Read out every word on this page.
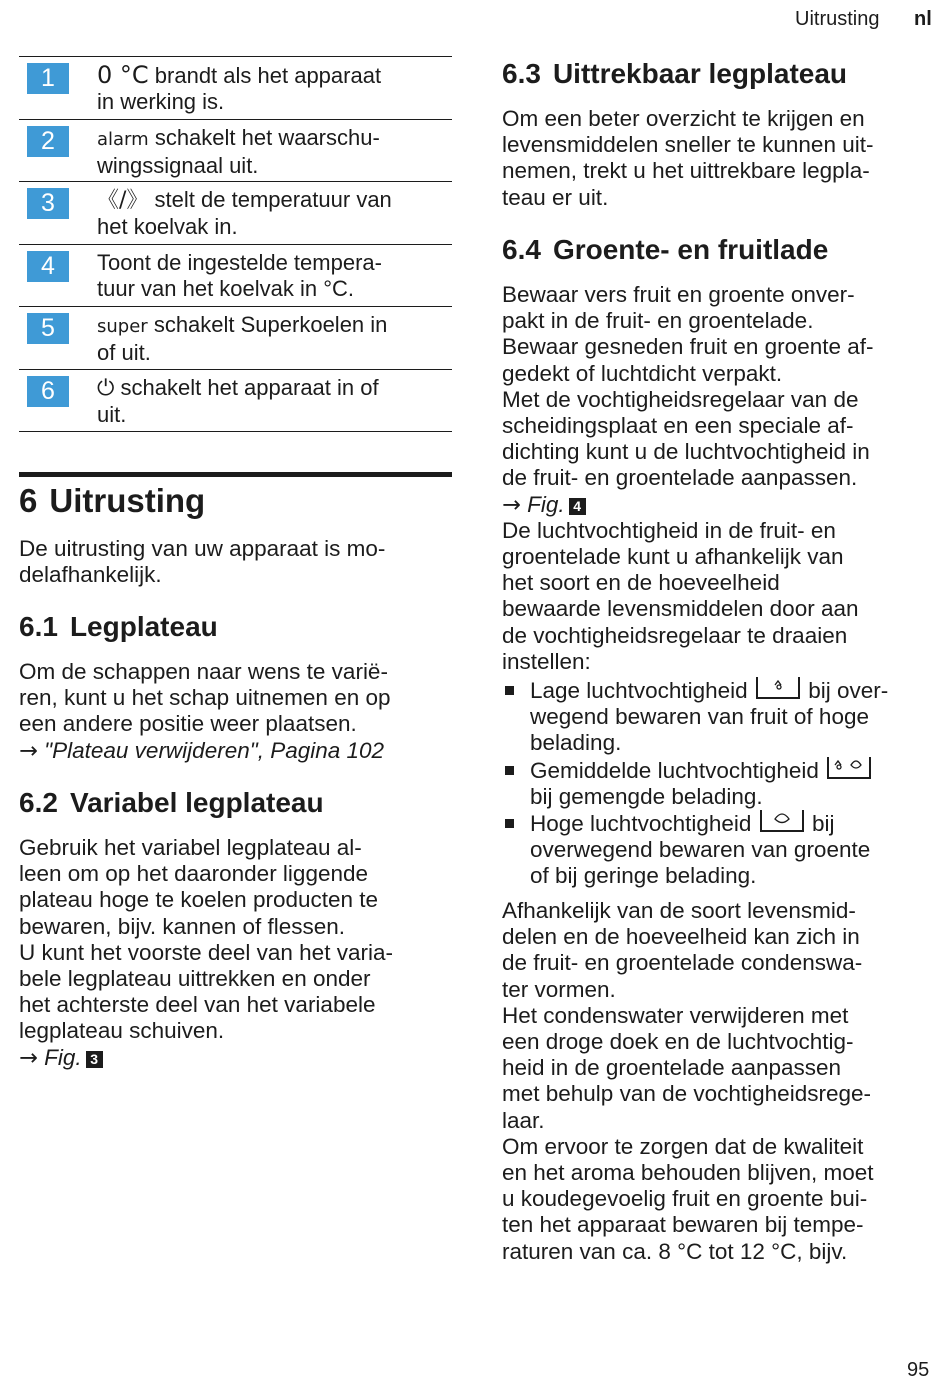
Uitrusting nl
1	0 °C brandt als het apparaat
in werking is.
2	alarm schakelt het waarschu-
wingssignaal uit.
3	《/》 stelt de temperatuur van
het koelvak in.
4	Toont de ingestelde tempera-
tuur van het koelvak in °C.
5	super schakelt Superkoelen in
of uit.
6	⏻ schakelt het apparaat in of
uit.
6 Uitrusting
De uitrusting van uw apparaat is mo-
delafhankelijk.
6.1 Legplateau
Om de schappen naar wens te varië-
ren, kunt u het schap uitnemen en op
een andere positie weer plaatsen.
→ "Plateau verwijderen", Pagina 102
6.2 Variabel legplateau
Gebruik het variabel legplateau al-
leen om op het daaronder liggende
plateau hoge te koelen producten te
bewaren, bijv. kannen of flessen.
U kunt het voorste deel van het varia-
bele legplateau uittrekken en onder
het achterste deel van het variabele
legplateau schuiven.
→ Fig. 3
6.3 Uittrekbaar legplateau
Om een beter overzicht te krijgen en
levensmiddelen sneller te kunnen uit-
nemen, trekt u het uittrekbare legpla-
teau er uit.
6.4 Groente- en fruitlade
Bewaar vers fruit en groente onver-
pakt in de fruit- en groentelade.
Bewaar gesneden fruit en groente af-
gedekt of luchtdicht verpakt.
Met de vochtigheidsregelaar van de
scheidingsplaat en een speciale af-
dichting kunt u de luchtvochtigheid in
de fruit- en groentelade aanpassen.
→ Fig. 4
De luchtvochtigheid in de fruit- en
groentelade kunt u afhankelijk van
het soort en de hoeveelheid
bewaarde levensmiddelen door aan
de vochtigheidsregelaar te draaien
instellen:
Lage luchtvochtigheid	bij over-
wegend bewaren van fruit of hoge
belading.
Gemiddelde luchtvochtigheid
bij gemengde belading.
Hoge luchtvochtigheid	bij
overwegend bewaren van groente
of bij geringe belading.
Afhankelijk van de soort levensmid-
delen en de hoeveelheid kan zich in
de fruit- en groentelade condenswa-
ter vormen.
Het condenswater verwijderen met
een droge doek en de luchtvochtig-
heid in de groentelade aanpassen
met behulp van de vochtigheidsrege-
laar.
Om ervoor te zorgen dat de kwaliteit
en het aroma behouden blijven, moet
u koudegevoelig fruit en groente bui-
ten het apparaat bewaren bij tempe-
raturen van ca. 8 °C tot 12 °C, bijv.
95
